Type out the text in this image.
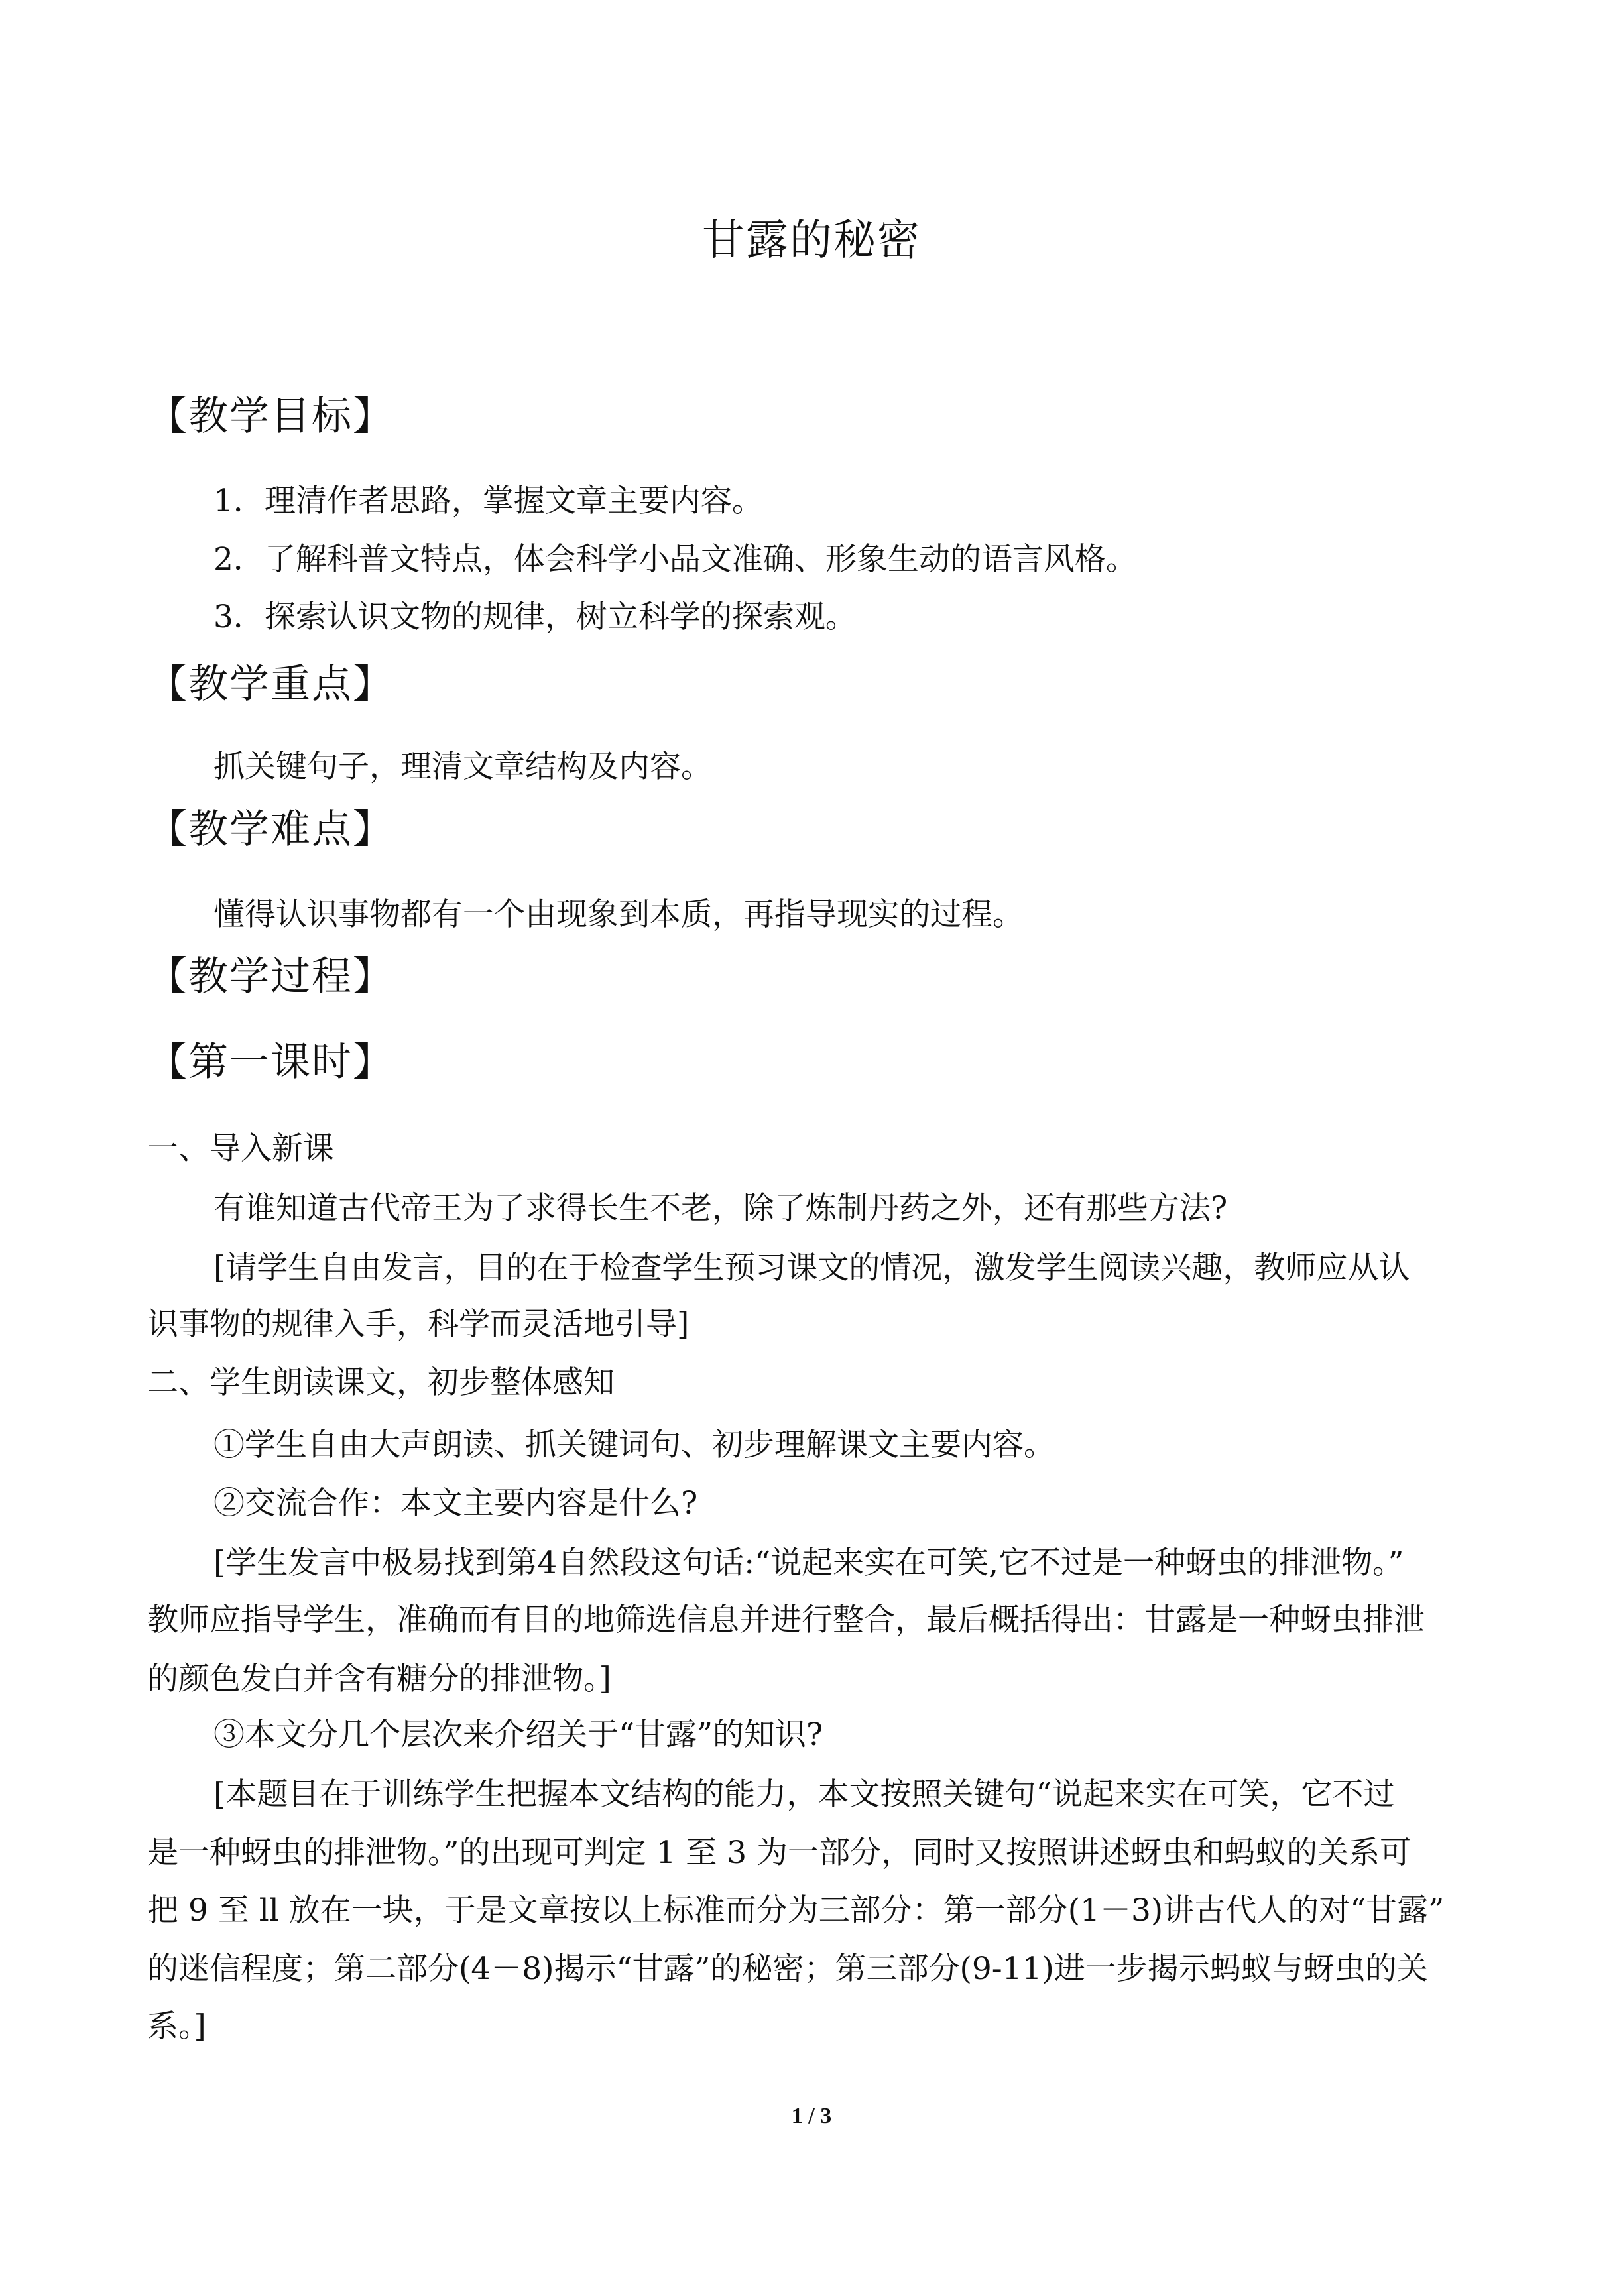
甘露的秘密
【教学目标】
1．理清作者思路，掌握文章主要内容。
2．了解科普文特点，体会科学小品文准确、形象生动的语言风格。
3．探索认识文物的规律，树立科学的探索观。
【教学重点】
抓关键句子，理清文章结构及内容。
【教学难点】
懂得认识事物都有一个由现象到本质，再指导现实的过程。
【教学过程】
【第一课时】
一、导入新课
有谁知道古代帝王为了求得长生不老，除了炼制丹药之外，还有那些方法?
[请学生自由发言，目的在于检查学生预习课文的情况，激发学生阅读兴趣，教师应从认
识事物的规律入手，科学而灵活地引导]
二、学生朗读课文，初步整体感知
①学生自由大声朗读、抓关键词句、初步理解课文主要内容。
②交流合作：本文主要内容是什么?
[学生发言中极易找到第4自然段这句话:“说起来实在可笑,它不过是一种蚜虫的排泄物。”
教师应指导学生，准确而有目的地筛选信息并进行整合，最后概括得出：甘露是一种蚜虫排泄
的颜色发白并含有糖分的排泄物。]
③本文分几个层次来介绍关于“甘露”的知识?
[本题目在于训练学生把握本文结构的能力，本文按照关键句“说起来实在可笑，它不过
是一种蚜虫的排泄物。”的出现可判定 1 至 3 为一部分，同时又按照讲述蚜虫和蚂蚁的关系可
把 9 至 ll 放在一块，于是文章按以上标准而分为三部分：第一部分(1－3)讲古代人的对“甘露”
的迷信程度；第二部分(4－8)揭示“甘露”的秘密；第三部分(9-11)进一步揭示蚂蚁与蚜虫的关
系。]
1 / 3
